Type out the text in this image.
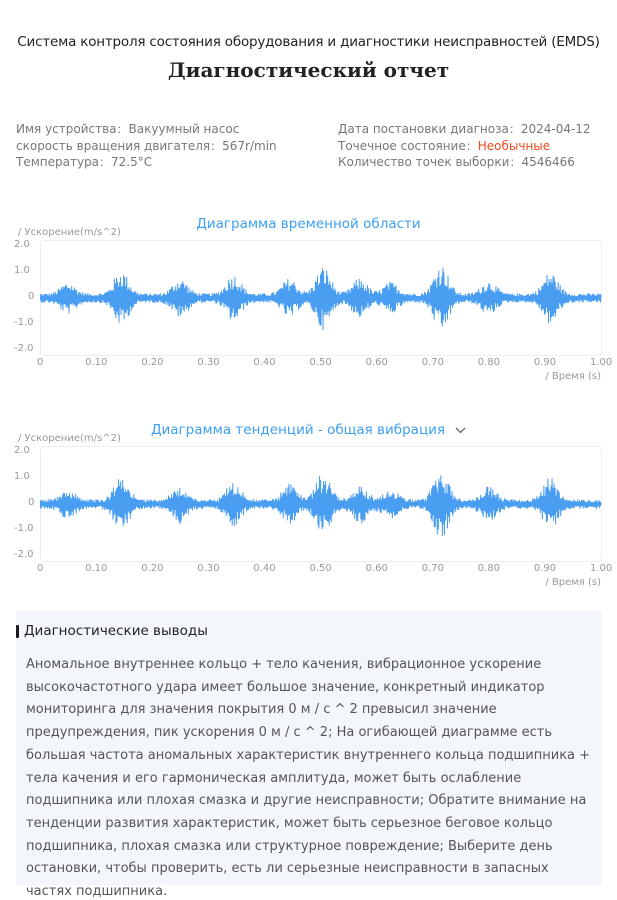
Система контроля состояния оборудования и диагностики неисправностей (EMDS)
Диагностический отчет
Имя устройства：Вакуумный насос
скорость вращения двигателя：567r/min
Температура：72.5°C
Дата постановки диагноза：2024-04-12
Точечное состояние：Необычные
Количество точек выборки：4546466
Диаграмма временной области
/ Ускорение(m/s^2)
2.0
1.0
0
-1.0
-2.0
0	0.10	0.20	0.30	0.40	0.50	0.60	0.70	0.80	0.90	1.00
/ Время (s)
Диаграмма тенденций - общая вибрация
/ Ускорение(m/s^2)
2.0
1.0
0
-1.0
-2.0
0	0.10	0.20	0.30	0.40	0.50	0.60	0.70	0.80	0.90	1.00
/ Время (s)
Диагностические выводы
Аномальное внутреннее кольцо + тело качения, вибрационное ускорение высокочастотного удара имеет большое значение, конкретный индикатор мониторинга для значения покрытия 0 м / с ^ 2 превысил значение предупреждения, пик ускорения 0 м / с ^ 2; На огибающей диаграмме есть большая частота аномальных характеристик внутреннего кольца подшипника + тела качения и его гармоническая амплитуда, может быть ослабление подшипника или плохая смазка и другие неисправности; Обратите внимание на тенденции развития характеристик, может быть серьезное беговое кольцо подшипника, плохая смазка или структурное повреждение; Выберите день остановки, чтобы проверить, есть ли серьезные неисправности в запасных частях подшипника.
